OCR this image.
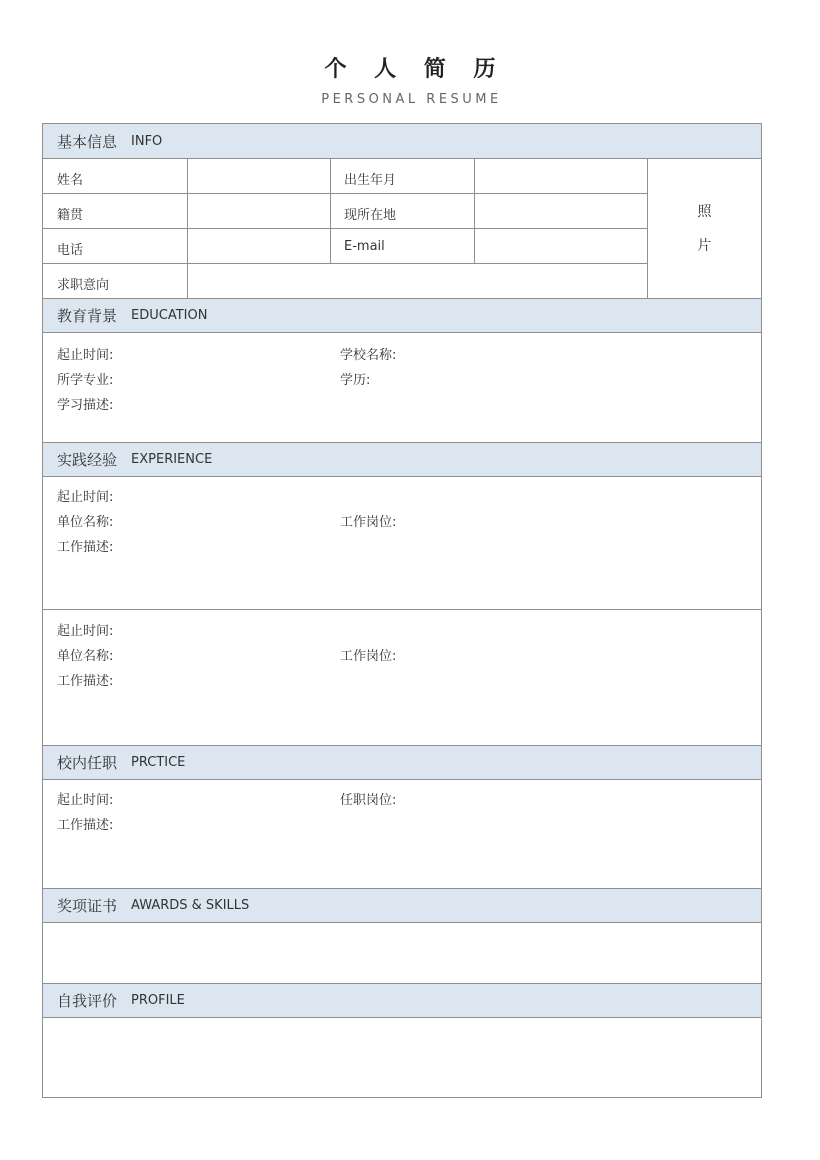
个 人 简 历
PERSONAL RESUME
基本信息 INFO
姓名	出生年月
籍贯	现所在地
电话	E-mail
求职意向
照
片
教育背景 EDUCATION
起止时间:	学校名称:
所学专业:	学历:
学习描述:
实践经验 EXPERIENCE
起止时间:
单位名称:	工作岗位:
工作描述:
起止时间:
单位名称:	工作岗位:
工作描述:
校内任职 PRCTICE
起止时间:	任职岗位:
工作描述:
奖项证书 AWARDS & SKILLS
自我评价 PROFILE
